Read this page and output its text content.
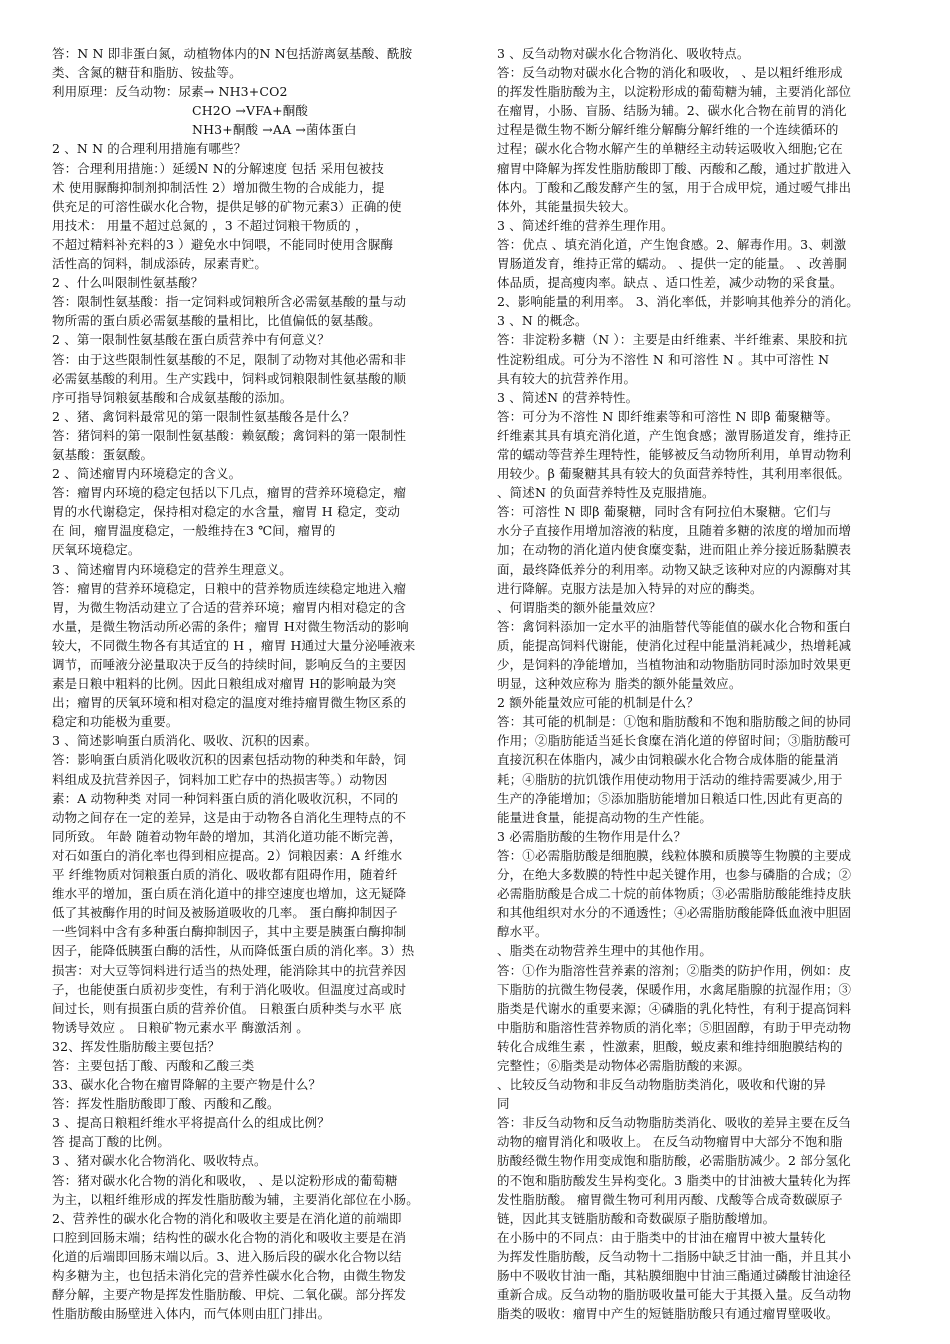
答：N N 即非蛋白氮，动植物体内的N N包括游离氨基酸、酰胺
类、含氮的糖苷和脂肪、铵盐等。
利用原理：反刍动物：尿素→ NH3+CO2
CH2O →VFA+酮酸
NH3+酮酸 →AA →菌体蛋白
2 、N N 的合理利用措施有哪些？
答：合理利用措施：）延缓N N的分解速度 包括 采用包被技
术 使用脲酶抑制剂抑制活性 2）增加微生物的合成能力，提
供充足的可溶性碳水化合物，提供足够的矿物元素3）正确的使
用技术： 用量不超过总氮的 ，3 不超过饲粮干物质的 ，
不超过精料补充料的3 ）避免水中饲喂，不能同时使用含脲酶
活性高的饲料，制成添砖，尿素青贮。
2 、什么叫限制性氨基酸？
答：限制性氨基酸：指一定饲料或饲粮所含必需氨基酸的量与动
物所需的蛋白质必需氨基酸的量相比，比值偏低的氨基酸。
2 、第一限制性氨基酸在蛋白质营养中有何意义？
答：由于这些限制性氨基酸的不足，限制了动物对其他必需和非
必需氨基酸的利用。生产实践中，饲料或饲粮限制性氨基酸的顺
序可指导饲粮氨基酸和合成氨基酸的添加。
2 、猪、禽饲料最常见的第一限制性氨基酸各是什么？
答：猪饲料的第一限制性氨基酸：赖氨酸；禽饲料的第一限制性
氨基酸：蛋氨酸。
2 、简述瘤胃内环境稳定的含义。
答：瘤胃内环境的稳定包括以下几点，瘤胃的营养环境稳定，瘤
胃的水代谢稳定，保持相对稳定的水含量，瘤胃 H 稳定，变动
在 间，瘤胃温度稳定，一般维持在3 ℃间，瘤胃的
厌氧环境稳定。
3 、简述瘤胃内环境稳定的营养生理意义。
答：瘤胃的营养环境稳定，日粮中的营养物质连续稳定地进入瘤
胃，为微生物活动建立了合适的营养环境；瘤胃内相对稳定的含
水量，是微生物活动所必需的条件；瘤胃 H对微生物活动的影响
较大，不同微生物各有其适宜的 H ，瘤胃 H通过大量分泌唾液来
调节，而唾液分泌量取决于反刍的持续时间，影响反刍的主要因
素是日粮中粗料的比例。因此日粮组成对瘤胃 H的影响最为突
出；瘤胃的厌氧环境和相对稳定的温度对维持瘤胃微生物区系的
稳定和功能极为重要。
3 、简述影响蛋白质消化、吸收、沉积的因素。
答：影响蛋白质消化吸收沉积的因素包括动物的种类和年龄，饲
料组成及抗营养因子，饲料加工贮存中的热损害等。）动物因
素：A 动物种类 对同一种饲料蛋白质的消化吸收沉积，不同的
动物之间存在一定的差异，这是由于动物各自消化生理特点的不
同所致。 年龄 随着动物年龄的增加，其消化道功能不断完善，
对石如蛋白的消化率也得到相应提高。2）饲粮因素：A 纤维水
平 纤维物质对饲粮蛋白质的消化、吸收都有阻碍作用，随着纤
维水平的增加，蛋白质在消化道中的排空速度也增加，这无疑降
低了其被酶作用的时间及被肠道吸收的几率。 蛋白酶抑制因子
一些饲料中含有多种蛋白酶抑制因子，其中主要是胰蛋白酶抑制
因子，能降低胰蛋白酶的活性，从而降低蛋白质的消化率。3）热
损害：对大豆等饲料进行适当的热处理，能消除其中的抗营养因
子，也能使蛋白质初步变性，有利于消化吸收。但温度过高或时
间过长，则有损蛋白质的营养价值。 日粮蛋白质种类与水平 底
物诱导效应 。 日粮矿物元素水平 酶激活剂 。
32、挥发性脂肪酸主要包括？
答：主要包括丁酸、丙酸和乙酸三类
33、碳水化合物在瘤胃降解的主要产物是什么？
答：挥发性脂肪酸即丁酸、丙酸和乙酸。
3 、提高日粮粗纤维水平将提高什么的组成比例？
答 提高丁酸的比例。
3 、猪对碳水化合物消化、吸收特点。
答：猪对碳水化合物的消化和吸收， 、是以淀粉形成的葡萄糖
为主，以粗纤维形成的挥发性脂肪酸为辅，主要消化部位在小肠。
2、营养性的碳水化合物的消化和吸收主要是在消化道的前端即
口腔到回肠末端；结构性的碳水化合物的消化和吸收主要是在消
化道的后端即回肠末端以后。3、进入肠后段的碳水化合物以结
构多糖为主，也包括未消化完的营养性碳水化合物，由微生物发
酵分解，主要产物是挥发性脂肪酸、甲烷、二氧化碳。部分挥发
性脂肪酸由肠壁进入体内，而气体则由肛门排出。
3 、反刍动物对碳水化合物消化、吸收特点。
答：反刍动物对碳水化合物的消化和吸收， 、是以粗纤维形成
的挥发性脂肪酸为主，以淀粉形成的葡萄糖为辅，主要消化部位
在瘤胃，小肠、盲肠、结肠为辅。2、碳水化合物在前胃的消化
过程是微生物不断分解纤维分解酶分解纤维的一个连续循环的
过程；碳水化合物水解产生的单糖经主动转运吸收入细胞;它在
瘤胃中降解为挥发性脂肪酸即丁酸、丙酸和乙酸，通过扩散进入
体内。丁酸和乙酸发酵产生的氢，用于合成甲烷，通过嗳气排出
体外，其能量损失较大。
3 、简述纤维的营养生理作用。
答：优点 、填充消化道，产生饱食感。2、解毒作用。3、刺激
胃肠道发育，维持正常的蠕动。 、提供一定的能量。 、改善胴
体品质，提高瘦肉率。缺点 、适口性差，减少动物的采食量。
2、影响能量的利用率。 3、消化率低，并影响其他养分的消化。
3 、N 的概念。
答：非淀粉多糖（N ）：主要是由纤维素、半纤维素、果胶和抗
性淀粉组成。可分为不溶性 N 和可溶性 N 。其中可溶性 N
具有较大的抗营养作用。
3 、简述N 的营养特性。
答：可分为不溶性 N 即纤维素等和可溶性 N 即β 葡聚糖等。
纤维素其具有填充消化道，产生饱食感；激胃肠道发育，维持正
常的蠕动等营养生理特性，能够被反刍动物所利用，单胃动物利
用较少。β 葡聚糖其具有较大的负面营养特性，其利用率很低。
、简述N 的负面营养特性及克服措施。
答：可溶性 N 即β 葡聚糖，同时含有阿拉伯木聚糖。它们与
水分子直接作用增加溶液的粘度，且随着多糖的浓度的增加而增
加；在动物的消化道内使食糜变黏，进而阻止养分接近肠黏膜表
面，最终降低养分的利用率。动物又缺乏该种对应的内源酶对其
进行降解。克服方法是加入特异的对应的酶类。
、何谓脂类的额外能量效应？
答：禽饲料添加一定水平的油脂替代等能值的碳水化合物和蛋白
质，能提高饲料代谢能，使消化过程中能量消耗减少，热增耗减
少，是饲料的净能增加，当植物油和动物脂肪同时添加时效果更
明显，这种效应称为 脂类的额外能量效应。
2 额外能量效应可能的机制是什么？
答：其可能的机制是：①饱和脂肪酸和不饱和脂肪酸之间的协同
作用；②脂肪能适当延长食糜在消化道的停留时间；③脂肪酸可
直接沉积在体脂内，减少由饲粮碳水化合物合成体脂的能量消
耗；④脂肪的抗饥饿作用使动物用于活动的维持需要减少,用于
生产的净能增加；⑤添加脂肪能增加日粮适口性,因此有更高的
能量进食量，能提高动物的生产性能。
3 必需脂肪酸的生物作用是什么？
答：①必需脂肪酸是细胞膜，线粒体膜和质膜等生物膜的主要成
分，在绝大多数膜的特性中起关键作用，也参与磷脂的合成；②
必需脂肪酸是合成二十烷的前体物质；③必需脂肪酸能维持皮肤
和其他组织对水分的不通透性；④必需脂肪酸能降低血液中胆固
醇水平。
、脂类在动物营养生理中的其他作用。
答：①作为脂溶性营养素的溶剂；②脂类的防护作用，例如：皮
下脂肪的抗微生物侵袭，保暖作用，水禽尾脂腺的抗湿作用；③
脂类是代谢水的重要来源；④磷脂的乳化特性，有利于提高饲料
中脂肪和脂溶性营养物质的消化率；⑤胆固醇，有助于甲壳动物
转化合成维生素 ，性激素，胆酸，蜕皮素和维持细胞膜结构的
完整性；⑥脂类是动物体必需脂肪酸的来源。
、比较反刍动物和非反刍动物脂肪类消化，吸收和代谢的异
同
答：非反刍动物和反刍动物脂肪类消化、吸收的差异主要在反刍
动物的瘤胃消化和吸收上。 在反刍动物瘤胃中大部分不饱和脂
肪酸经微生物作用变成饱和脂肪酸，必需脂肪减少。2 部分氢化
的不饱和脂肪酸发生异构变化。3 脂类中的甘油被大量转化为挥
发性脂肪酸。 瘤胃微生物可利用丙酸、戊酸等合成奇数碳原子
链，因此其支链脂肪酸和奇数碳原子脂肪酸增加。
在小肠中的不同点：由于脂类中的甘油在瘤胃中被大量转化
为挥发性脂肪酸，反刍动物十二指肠中缺乏甘油一酯，并且其小
肠中不吸收甘油一酯，其粘膜细胞中甘油三酯通过磷酸甘油途径
重新合成。反刍动物的脂肪吸收量可能大于其摄入量。反刍动物
脂类的吸收：瘤胃中产生的短链脂肪酸只有通过瘤胃壁吸收。
